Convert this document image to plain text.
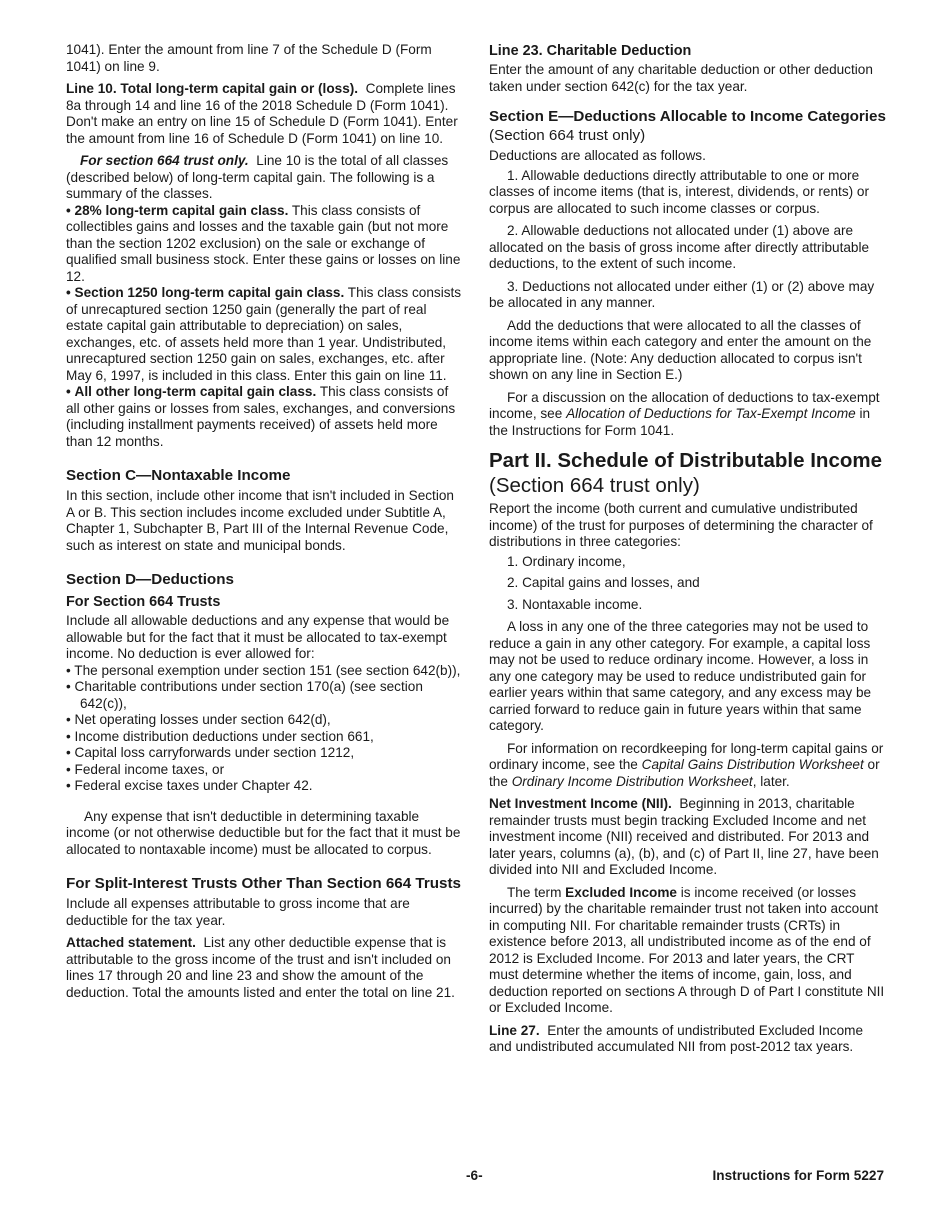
1041). Enter the amount from line 7 of the Schedule D (Form 1041) on line 9.

Line 10. Total long-term capital gain or (loss). Complete lines 8a through 14 and line 16 of the 2018 Schedule D (Form 1041). Don't make an entry on line 15 of Schedule D (Form 1041). Enter the amount from line 16 of Schedule D (Form 1041) on line 10.

For section 664 trust only. Line 10 is the total of all classes (described below) of long-term capital gain. The following is a summary of the classes.

• 28% long-term capital gain class. This class consists of collectibles gains and losses and the taxable gain (but not more than the section 1202 exclusion) on the sale or exchange of qualified small business stock. Enter these gains or losses on line 12.

• Section 1250 long-term capital gain class. This class consists of unrecaptured section 1250 gain (generally the part of real estate capital gain attributable to depreciation) on sales, exchanges, etc. of assets held more than 1 year. Undistributed, unrecaptured section 1250 gain on sales, exchanges, etc. after May 6, 1997, is included in this class. Enter this gain on line 11.

• All other long-term capital gain class. This class consists of all other gains or losses from sales, exchanges, and conversions (including installment payments received) of assets held more than 12 months.

Section C—Nontaxable Income

In this section, include other income that isn't included in Section A or B. This section includes income excluded under Subtitle A, Chapter 1, Subchapter B, Part III of the Internal Revenue Code, such as interest on state and municipal bonds.

Section D—Deductions
For Section 664 Trusts

Include all allowable deductions and any expense that would be allowable but for the fact that it must be allocated to tax-exempt income. No deduction is ever allowed for:

• The personal exemption under section 151 (see section 642(b)),
• Charitable contributions under section 170(a) (see section 642(c)),
• Net operating losses under section 642(d),
• Income distribution deductions under section 661,
• Capital loss carryforwards under section 1212,
• Federal income taxes, or
• Federal excise taxes under Chapter 42.

Any expense that isn't deductible in determining taxable income (or not otherwise deductible but for the fact that it must be allocated to nontaxable income) must be allocated to corpus.

For Split-Interest Trusts Other Than Section 664 Trusts

Include all expenses attributable to gross income that are deductible for the tax year.

Attached statement. List any other deductible expense that is attributable to the gross income of the trust and isn't included on lines 17 through 20 and line 23 and show the amount of the deduction. Total the amounts listed and enter the total on line 21.

Line 23. Charitable Deduction

Enter the amount of any charitable deduction or other deduction taken under section 642(c) for the tax year.

Section E—Deductions Allocable to Income Categories (Section 664 trust only)

Deductions are allocated as follows.

1. Allowable deductions directly attributable to one or more classes of income items (that is, interest, dividends, or rents) or corpus are allocated to such income classes or corpus.

2. Allowable deductions not allocated under (1) above are allocated on the basis of gross income after directly attributable deductions, to the extent of such income.

3. Deductions not allocated under either (1) or (2) above may be allocated in any manner.

Add the deductions that were allocated to all the classes of income items within each category and enter the amount on the appropriate line. (Note: Any deduction allocated to corpus isn't shown on any line in Section E.)

For a discussion on the allocation of deductions to tax-exempt income, see Allocation of Deductions for Tax-Exempt Income in the Instructions for Form 1041.

Part II. Schedule of Distributable Income (Section 664 trust only)

Report the income (both current and cumulative undistributed income) of the trust for purposes of determining the character of distributions in three categories:

1. Ordinary income,
2. Capital gains and losses, and
3. Nontaxable income.

A loss in any one of the three categories may not be used to reduce a gain in any other category. For example, a capital loss may not be used to reduce ordinary income. However, a loss in any one category may be used to reduce undistributed gain for earlier years within that same category, and any excess may be carried forward to reduce gain in future years within that same category.

For information on recordkeeping for long-term capital gains or ordinary income, see the Capital Gains Distribution Worksheet or the Ordinary Income Distribution Worksheet, later.

Net Investment Income (NII). Beginning in 2013, charitable remainder trusts must begin tracking Excluded Income and net investment income (NII) received and distributed. For 2013 and later years, columns (a), (b), and (c) of Part II, line 27, have been divided into NII and Excluded Income.

The term Excluded Income is income received (or losses incurred) by the charitable remainder trust not taken into account in computing NII. For charitable remainder trusts (CRTs) in existence before 2013, all undistributed income as of the end of 2012 is Excluded Income. For 2013 and later years, the CRT must determine whether the items of income, gain, loss, and deduction reported on sections A through D of Part I constitute NII or Excluded Income.

Line 27. Enter the amounts of undistributed Excluded Income and undistributed accumulated NII from post-2012 tax years.

-6-	Instructions for Form 5227
